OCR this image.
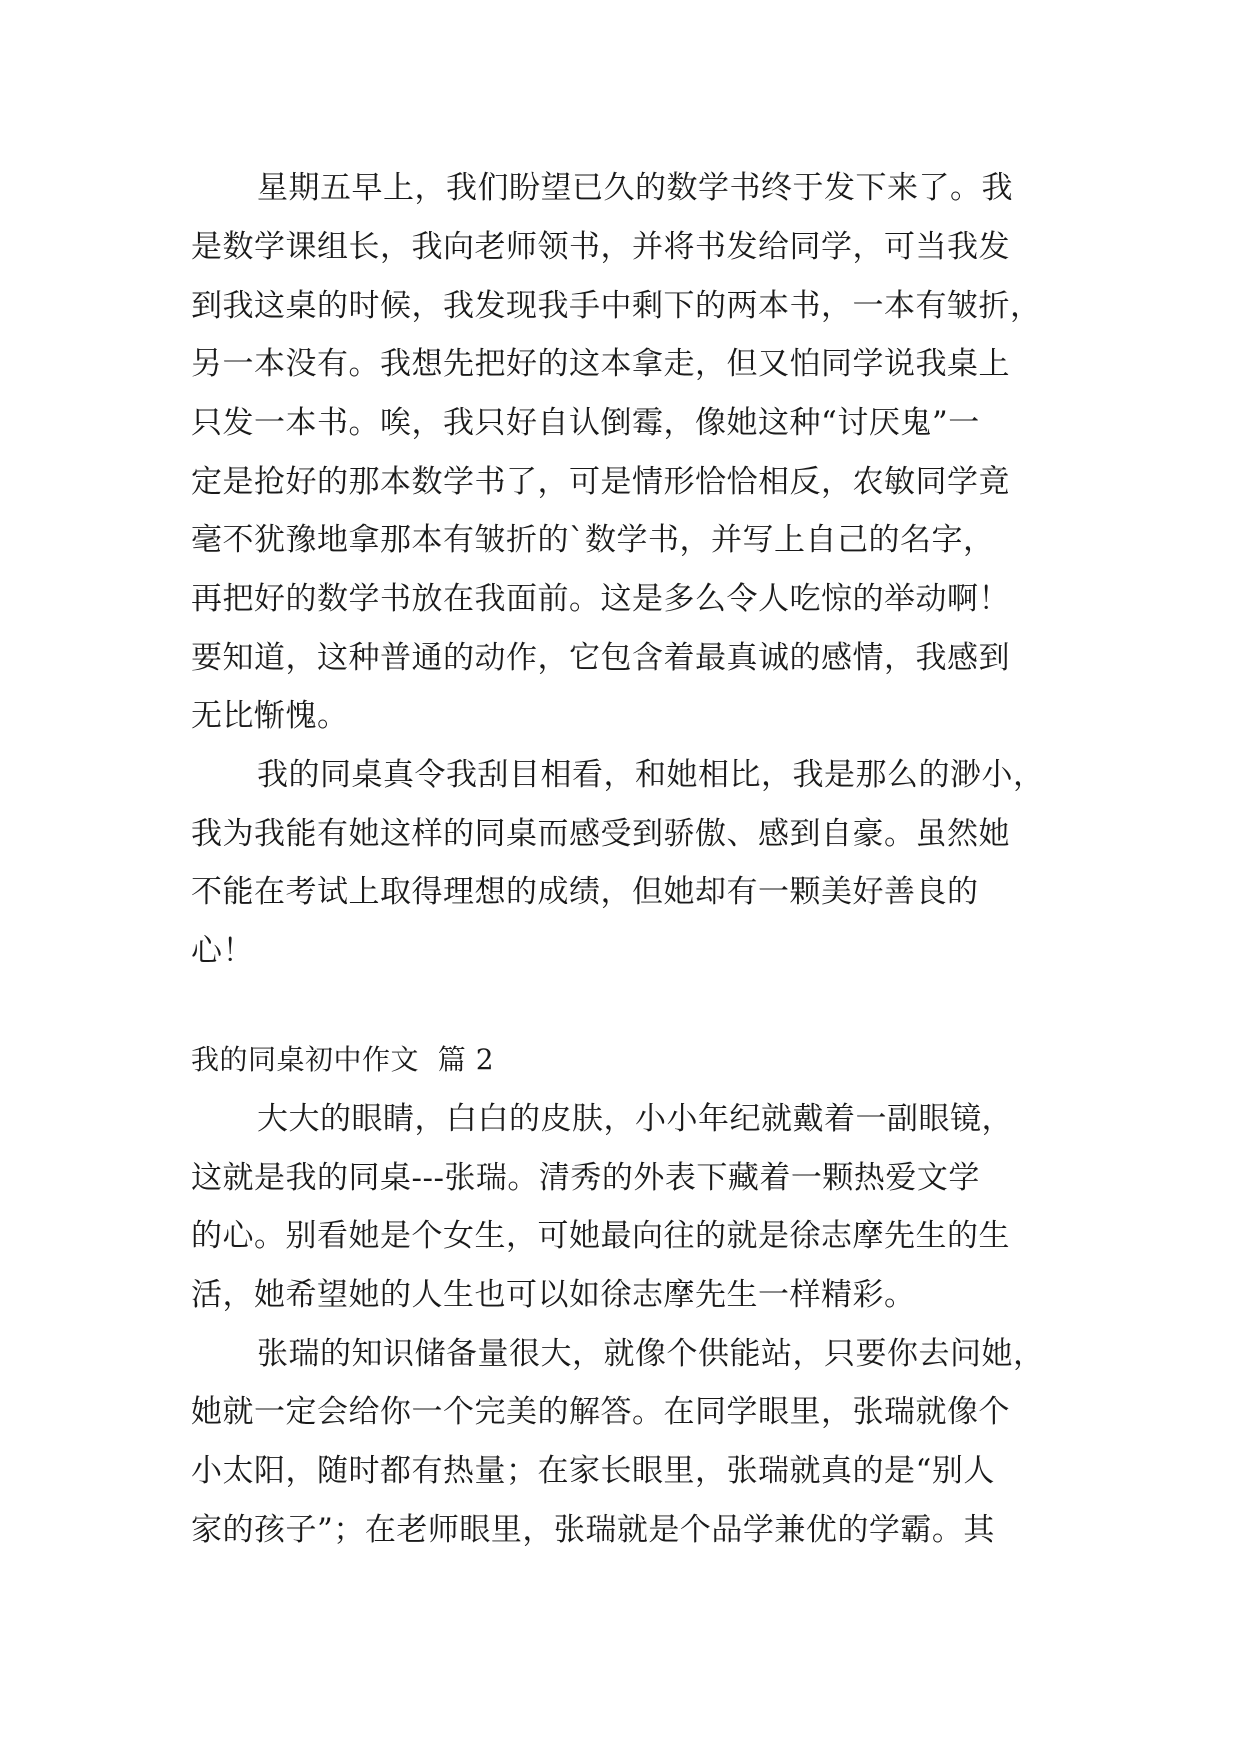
星期五早上，我们盼望已久的数学书终于发下来了。我
是数学课组长，我向老师领书，并将书发给同学，可当我发
到我这桌的时候，我发现我手中剩下的两本书，一本有皱折，
另一本没有。我想先把好的这本拿走，但又怕同学说我桌上
只发一本书。唉，我只好自认倒霉，像她这种“讨厌鬼”一
定是抢好的那本数学书了，可是情形恰恰相反，农敏同学竟
毫不犹豫地拿那本有皱折的`数学书，并写上自己的名字，
再把好的数学书放在我面前。这是多么令人吃惊的举动啊！
要知道，这种普通的动作，它包含着最真诚的感情，我感到
无比惭愧。
我的同桌真令我刮目相看，和她相比，我是那么的渺小，
我为我能有她这样的同桌而感受到骄傲、感到自豪。虽然她
不能在考试上取得理想的成绩，但她却有一颗美好善良的
心！
我的同桌初中作文  篇 2
大大的眼睛，白白的皮肤，小小年纪就戴着一副眼镜，
这就是我的同桌---张瑞。清秀的外表下藏着一颗热爱文学
的心。别看她是个女生，可她最向往的就是徐志摩先生的生
活，她希望她的人生也可以如徐志摩先生一样精彩。
张瑞的知识储备量很大，就像个供能站，只要你去问她，
她就一定会给你一个完美的解答。在同学眼里，张瑞就像个
小太阳，随时都有热量；在家长眼里，张瑞就真的是“别人
家的孩子”；在老师眼里，张瑞就是个品学兼优的学霸。其
